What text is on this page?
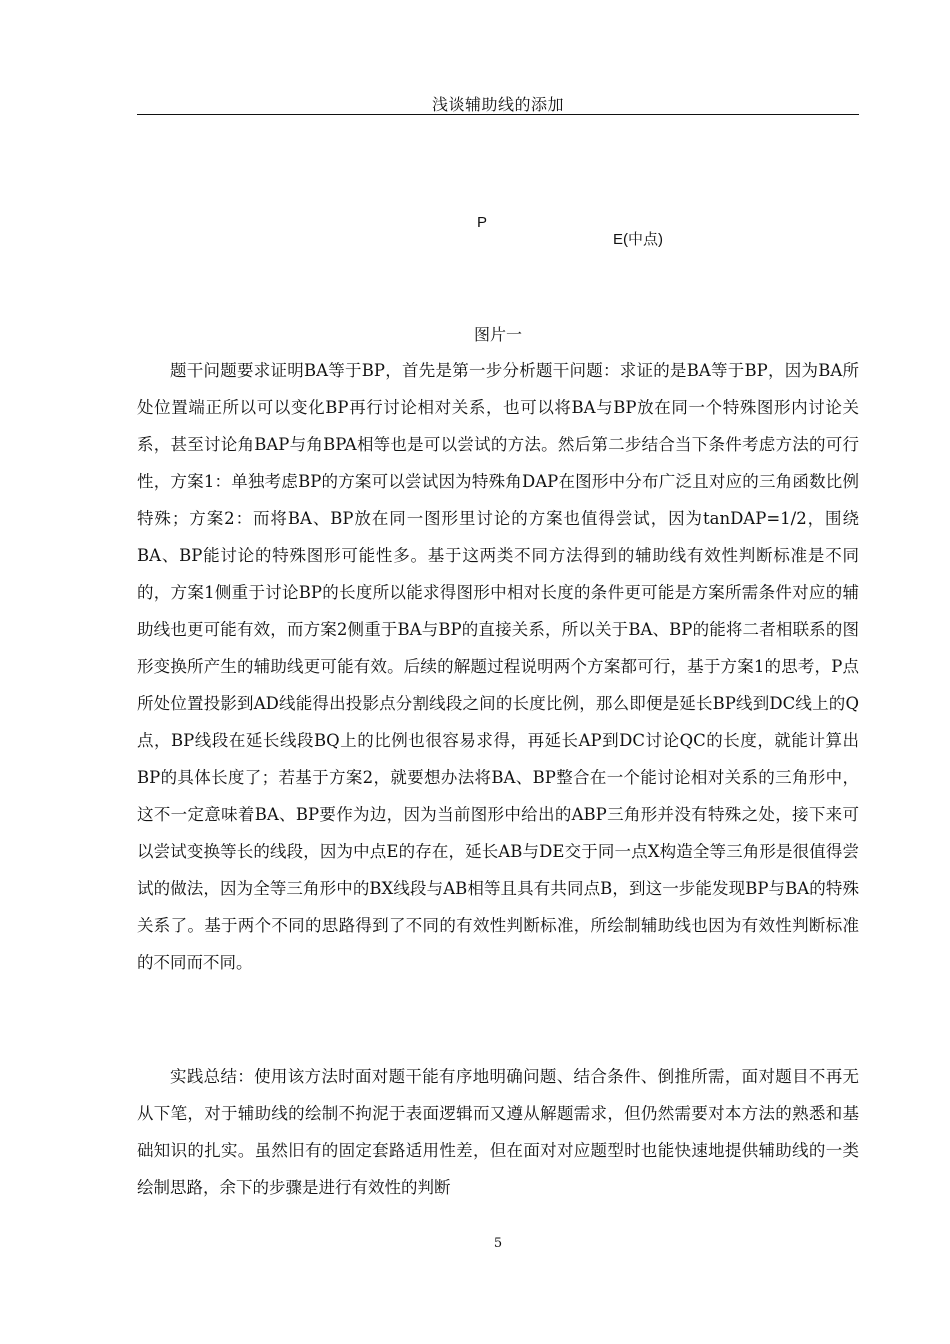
浅谈辅助线的添加
P
E(中点)
图片一

题干问题要求证明BA等于BP，首先是第一步分析题干问题：求证的是BA等于BP，因为BA所处位置端正所以可以变化BP再行讨论相对关系，也可以将BA与BP放在同一个特殊图形内讨论关系，甚至讨论角BAP与角BPA相等也是可以尝试的方法。然后第二步结合当下条件考虑方法的可行性，方案1：单独考虑BP的方案可以尝试因为特殊角DAP在图形中分布广泛且对应的三角函数比例特殊；方案2：而将BA、BP放在同一图形里讨论的方案也值得尝试，因为tanDAP=1/2，围绕BA、BP能讨论的特殊图形可能性多。基于这两类不同方法得到的辅助线有效性判断标准是不同的，方案1侧重于讨论BP的长度所以能求得图形中相对长度的条件更可能是方案所需条件对应的辅助线也更可能有效，而方案2侧重于BA与BP的直接关系，所以关于BA、BP的能将二者相联系的图形变换所产生的辅助线更可能有效。后续的解题过程说明两个方案都可行，基于方案1的思考，P点所处位置投影到AD线能得出投影点分割线段之间的长度比例，那么即便是延长BP线到DC线上的Q点，BP线段在延长线段BQ上的比例也很容易求得，再延长AP到DC讨论QC的长度，就能计算出BP的具体长度了；若基于方案2，就要想办法将BA、BP整合在一个能讨论相对关系的三角形中，这不一定意味着BA、BP要作为边，因为当前图形中给出的ABP三角形并没有特殊之处，接下来可以尝试变换等长的线段，因为中点E的存在，延长AB与DE交于同一点X构造全等三角形是很值得尝试的做法，因为全等三角形中的BX线段与AB相等且具有共同点B，到这一步能发现BP与BA的特殊关系了。基于两个不同的思路得到了不同的有效性判断标准，所绘制辅助线也因为有效性判断标准的不同而不同。

实践总结：使用该方法时面对题干能有序地明确问题、结合条件、倒推所需，面对题目不再无从下笔，对于辅助线的绘制不拘泥于表面逻辑而又遵从解题需求，但仍然需要对本方法的熟悉和基础知识的扎实。虽然旧有的固定套路适用性差，但在面对对应题型时也能快速地提供辅助线的一类绘制思路，余下的步骤是进行有效性的判断

5
